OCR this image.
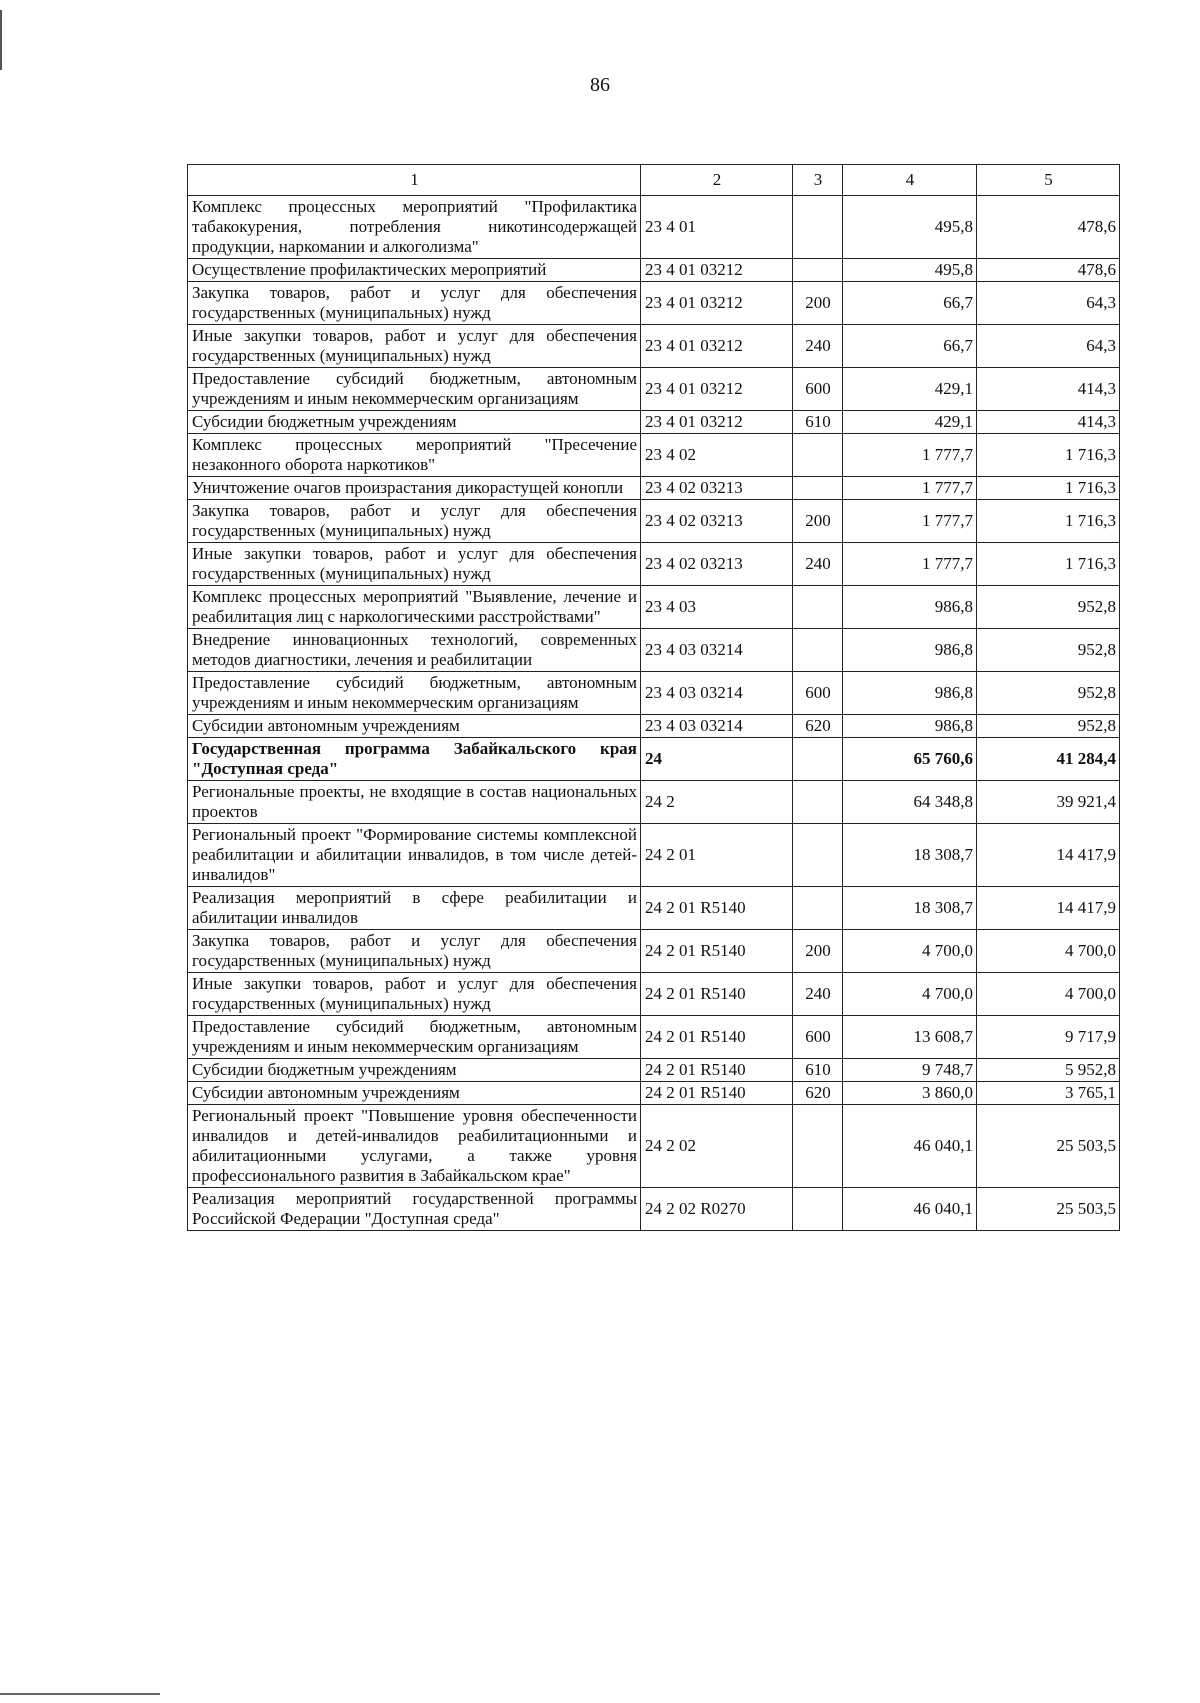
86
1	2	3	4	5
Комплекс процессных мероприятий "Профилактика табакокурения, потребления никотинсодержащей продукции, наркомании и алкоголизма"	23 4 01		495,8	478,6
Осуществление профилактических мероприятий	23 4 01 03212		495,8	478,6
Закупка товаров, работ и услуг для обеспечения государственных (муниципальных) нужд	23 4 01 03212	200	66,7	64,3
Иные закупки товаров, работ и услуг для обеспечения государственных (муниципальных) нужд	23 4 01 03212	240	66,7	64,3
Предоставление субсидий бюджетным, автономным учреждениям и иным некоммерческим организациям	23 4 01 03212	600	429,1	414,3
Субсидии бюджетным учреждениям	23 4 01 03212	610	429,1	414,3
Комплекс процессных мероприятий "Пресечение незаконного оборота наркотиков"	23 4 02		1 777,7	1 716,3
Уничтожение очагов произрастания дикорастущей конопли	23 4 02 03213		1 777,7	1 716,3
Закупка товаров, работ и услуг для обеспечения государственных (муниципальных) нужд	23 4 02 03213	200	1 777,7	1 716,3
Иные закупки товаров, работ и услуг для обеспечения государственных (муниципальных) нужд	23 4 02 03213	240	1 777,7	1 716,3
Комплекс процессных мероприятий "Выявление, лечение и реабилитация лиц с наркологическими расстройствами"	23 4 03		986,8	952,8
Внедрение инновационных технологий, современных методов диагностики, лечения и реабилитации	23 4 03 03214		986,8	952,8
Предоставление субсидий бюджетным, автономным учреждениям и иным некоммерческим организациям	23 4 03 03214	600	986,8	952,8
Субсидии автономным учреждениям	23 4 03 03214	620	986,8	952,8
Государственная программа Забайкальского края "Доступная среда"	24		65 760,6	41 284,4
Региональные проекты, не входящие в состав национальных проектов	24 2		64 348,8	39 921,4
Региональный проект "Формирование системы комплексной реабилитации и абилитации инвалидов, в том числе детей-инвалидов"	24 2 01		18 308,7	14 417,9
Реализация мероприятий в сфере реабилитации и абилитации инвалидов	24 2 01 R5140		18 308,7	14 417,9
Закупка товаров, работ и услуг для обеспечения государственных (муниципальных) нужд	24 2 01 R5140	200	4 700,0	4 700,0
Иные закупки товаров, работ и услуг для обеспечения государственных (муниципальных) нужд	24 2 01 R5140	240	4 700,0	4 700,0
Предоставление субсидий бюджетным, автономным учреждениям и иным некоммерческим организациям	24 2 01 R5140	600	13 608,7	9 717,9
Субсидии бюджетным учреждениям	24 2 01 R5140	610	9 748,7	5 952,8
Субсидии автономным учреждениям	24 2 01 R5140	620	3 860,0	3 765,1
Региональный проект "Повышение уровня обеспеченности инвалидов и детей-инвалидов реабилитационными и абилитационными услугами, а также уровня профессионального развития в Забайкальском крае"	24 2 02		46 040,1	25 503,5
Реализация мероприятий государственной программы Российской Федерации "Доступная среда"	24 2 02 R0270		46 040,1	25 503,5
